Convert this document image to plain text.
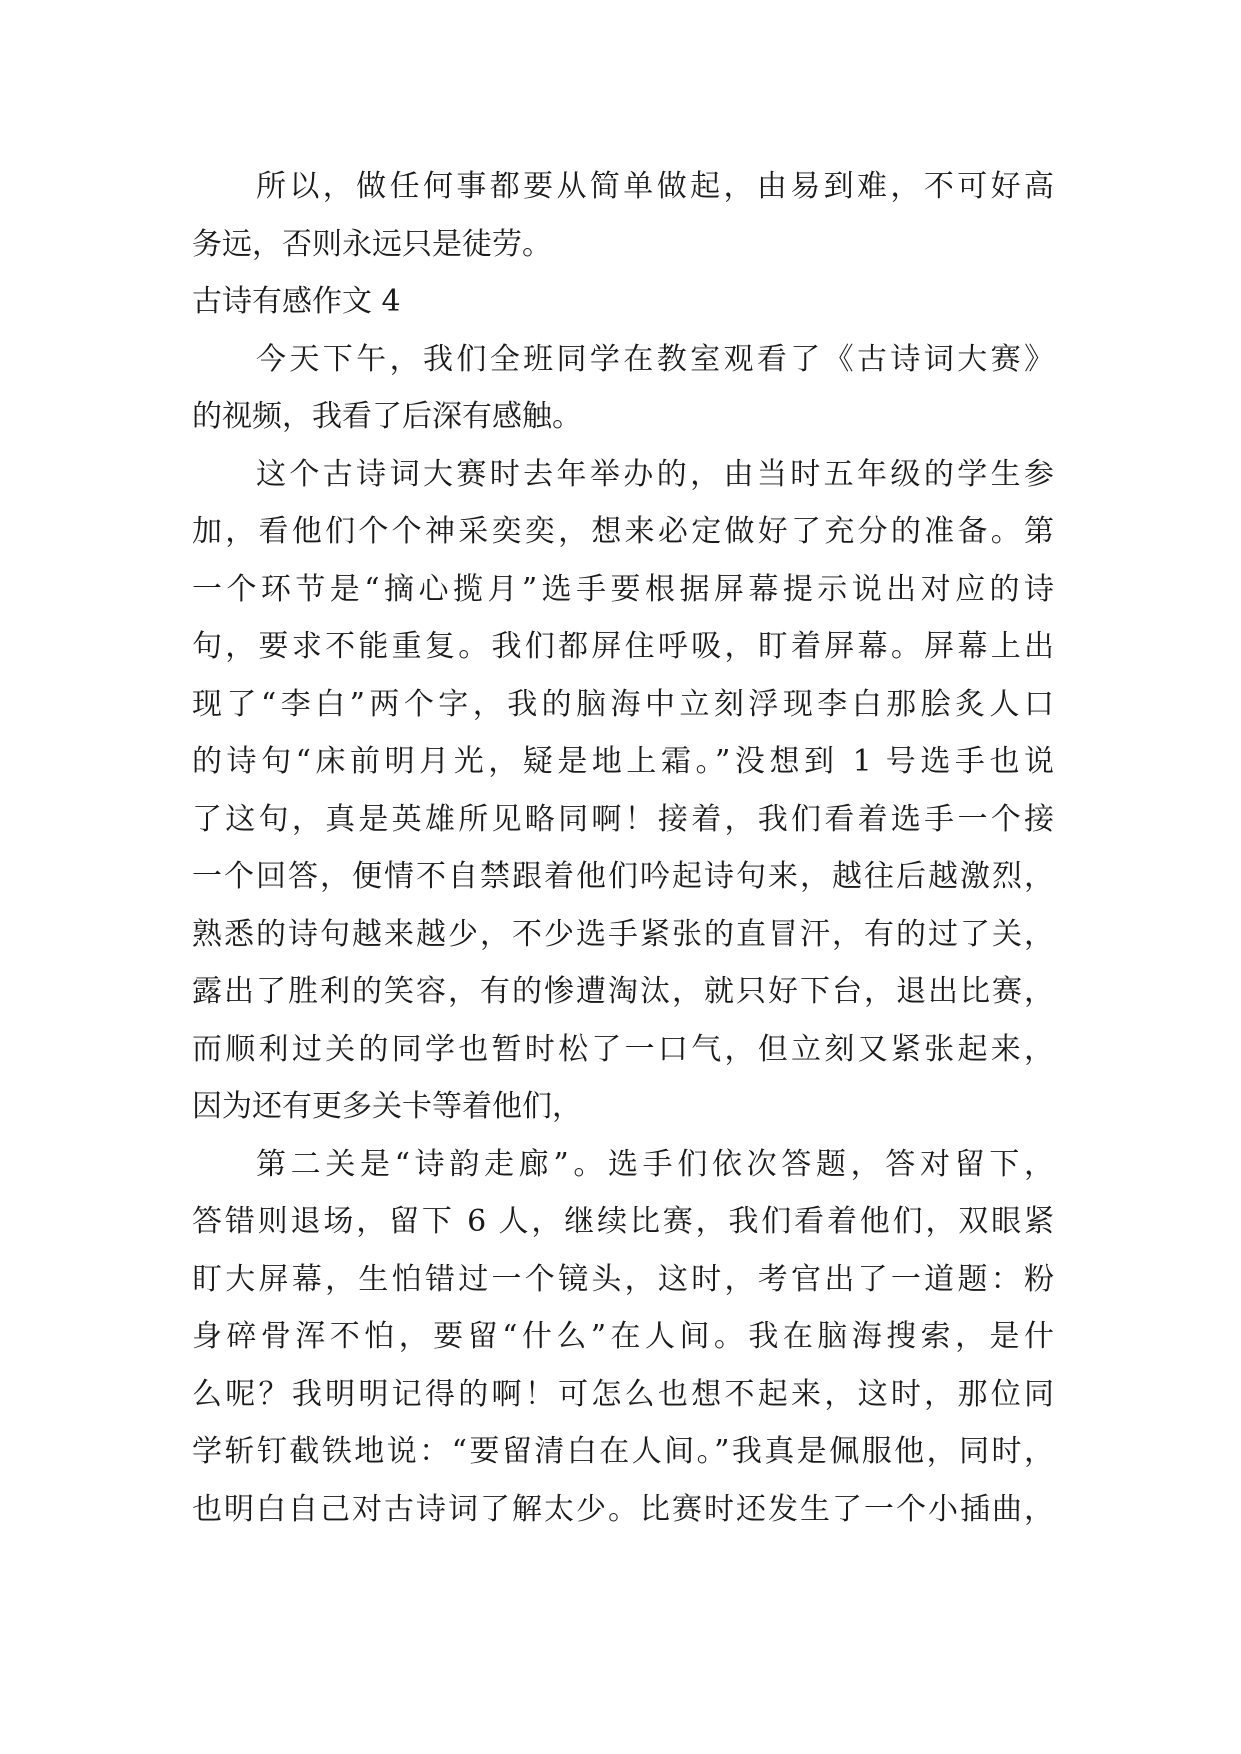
所以，做任何事都要从简单做起，由易到难，不可好高
务远，否则永远只是徒劳。
古诗有感作文 4
今天下午，我们全班同学在教室观看了《古诗词大赛》
的视频，我看了后深有感触。
这个古诗词大赛时去年举办的，由当时五年级的学生参
加，看他们个个神采奕奕，想来必定做好了充分的准备。第
一个环节是“摘心揽月”选手要根据屏幕提示说出对应的诗
句，要求不能重复。我们都屏住呼吸，盯着屏幕。屏幕上出
现了“李白”两个字，我的脑海中立刻浮现李白那脍炙人口
的诗句“床前明月光，疑是地上霜。”没想到 1 号选手也说
了这句，真是英雄所见略同啊！接着，我们看着选手一个接
一个回答，便情不自禁跟着他们吟起诗句来，越往后越激烈，
熟悉的诗句越来越少，不少选手紧张的直冒汗，有的过了关，
露出了胜利的笑容，有的惨遭淘汰，就只好下台，退出比赛，
而顺利过关的同学也暂时松了一口气，但立刻又紧张起来，
因为还有更多关卡等着他们，
第二关是“诗韵走廊”。选手们依次答题，答对留下，
答错则退场，留下 6 人，继续比赛，我们看着他们，双眼紧
盯大屏幕，生怕错过一个镜头，这时，考官出了一道题：粉
身碎骨浑不怕，要留“什么”在人间。我在脑海搜索，是什
么呢？我明明记得的啊！可怎么也想不起来，这时，那位同
学斩钉截铁地说：“要留清白在人间。”我真是佩服他，同时，
也明白自己对古诗词了解太少。比赛时还发生了一个小插曲，
